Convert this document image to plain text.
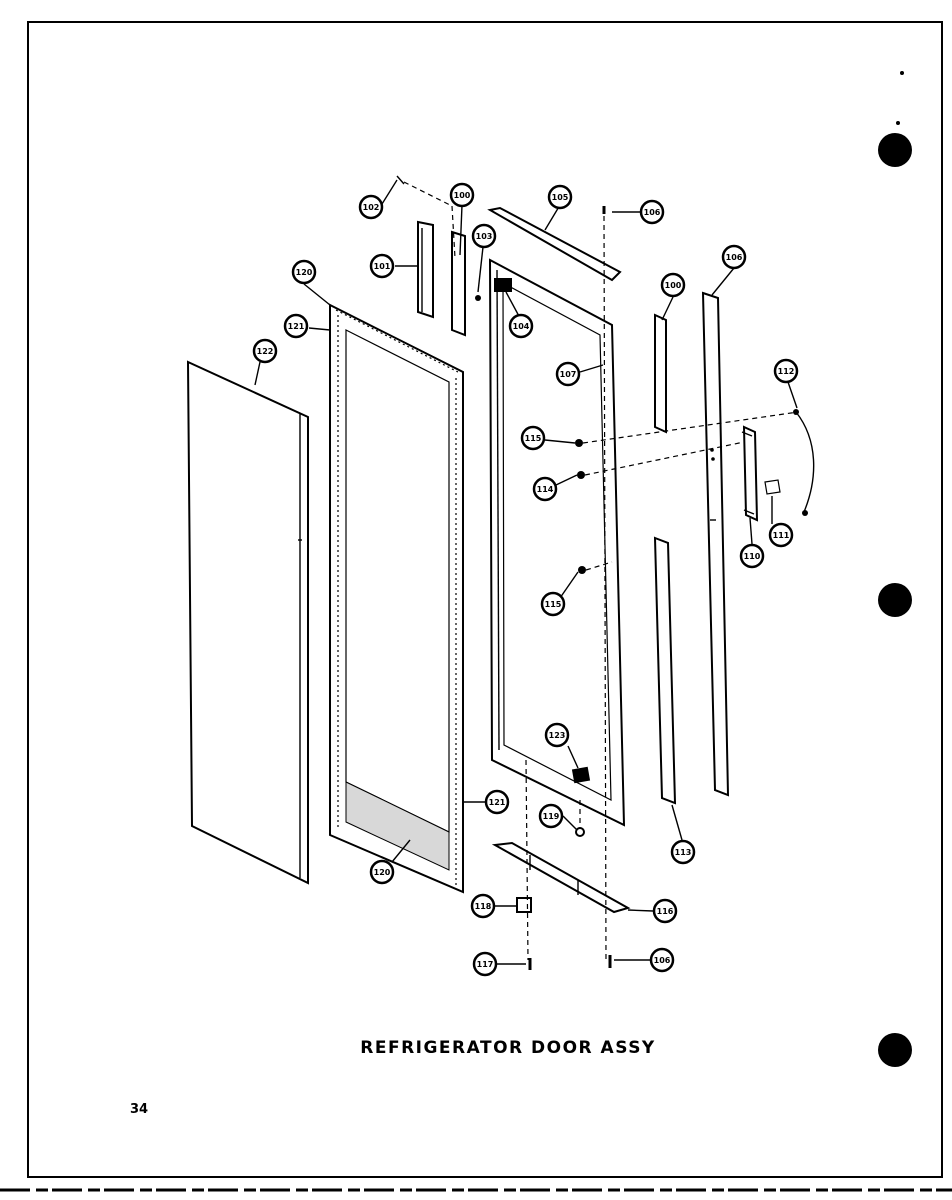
102
100	105
106
101
103
120
104
100
106
121
122
107	112
115
114
111
110
115
123
121
119
113
120
118
116
117	106
REFRIGERATOR DOOR ASSY
34
